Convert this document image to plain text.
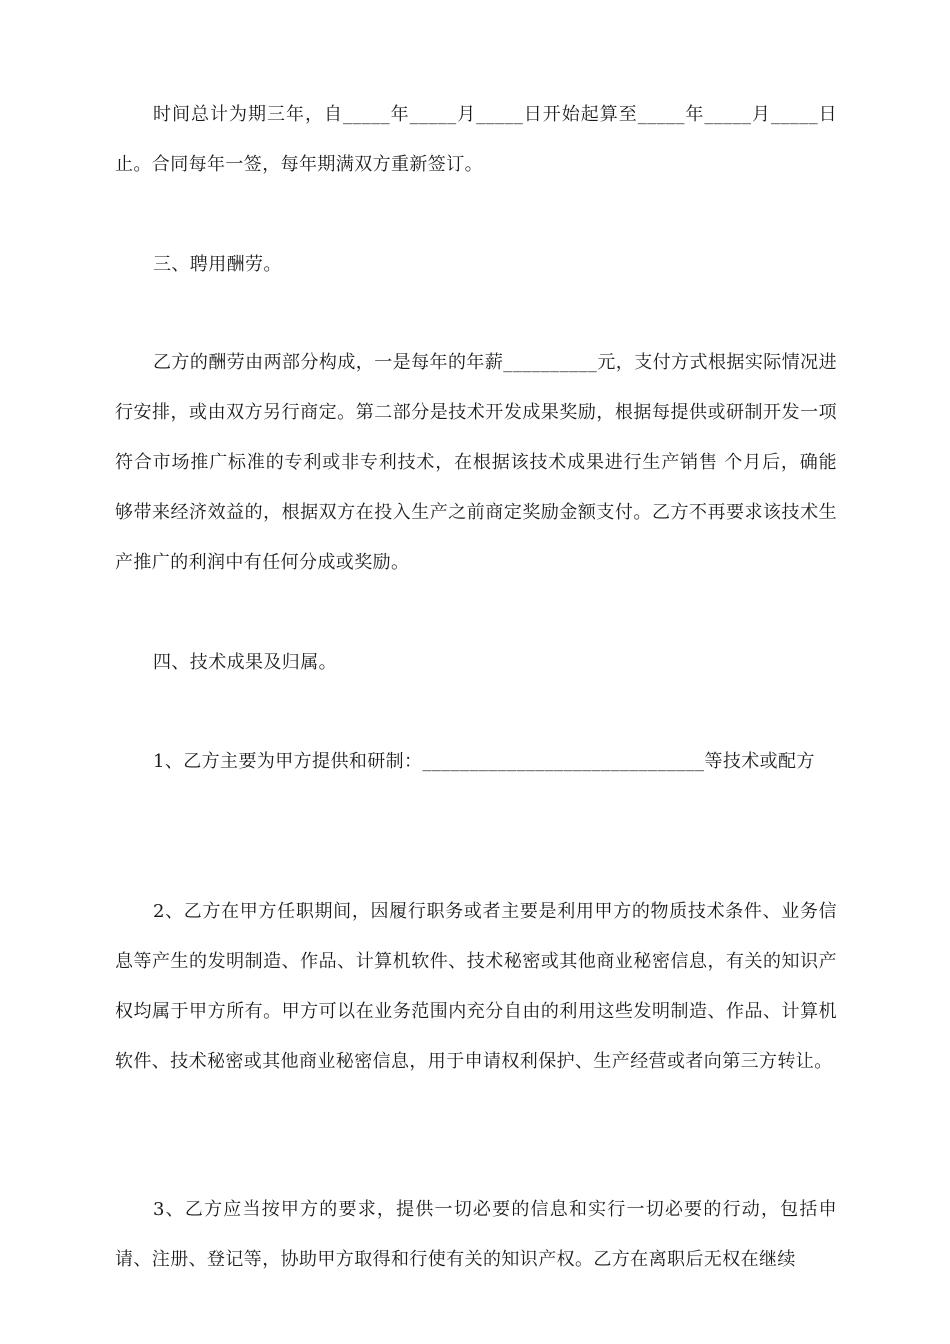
时间总计为期三年，自_____年_____月_____日开始起算至_____年_____月_____日止。合同每年一签，每年期满双方重新签订。

三、聘用酬劳。

乙方的酬劳由两部分构成，一是每年的年薪__________元，支付方式根据实际情况进行安排，或由双方另行商定。第二部分是技术开发成果奖励，根据每提供或研制开发一项符合市场推广标准的专利或非专利技术，在根据该技术成果进行生产销售 个月后，确能够带来经济效益的，根据双方在投入生产之前商定奖励金额支付。乙方不再要求该技术生产推广的利润中有任何分成或奖励。

四、技术成果及归属。

1、乙方主要为甲方提供和研制：______________________________等技术或配方

2、乙方在甲方任职期间，因履行职务或者主要是利用甲方的物质技术条件、业务信息等产生的发明制造、作品、计算机软件、技术秘密或其他商业秘密信息，有关的知识产权均属于甲方所有。甲方可以在业务范围内充分自由的利用这些发明制造、作品、计算机软件、技术秘密或其他商业秘密信息，用于申请权利保护、生产经营或者向第三方转让。

3、乙方应当按甲方的要求，提供一切必要的信息和实行一切必要的行动，包括申请、注册、登记等，协助甲方取得和行使有关的知识产权。乙方在离职后无权在继续
